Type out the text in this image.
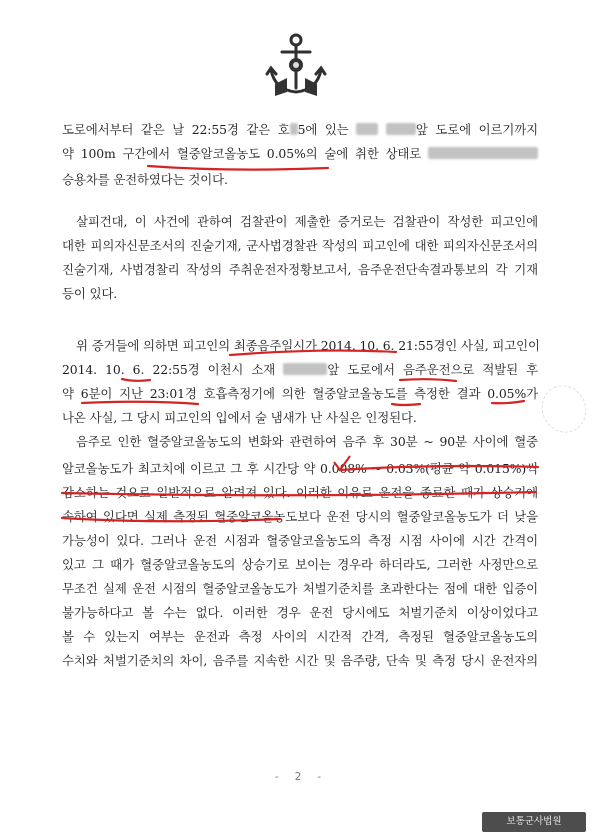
법	원
도로에서부터 같은 날 22:55경 같은 호 5에 있는	앞 도로에 이르기까지
약 100m 구간에서 혈중알코올농도 0.05%의 술에 취한 상태로
승용차를 운전하였다는 것이다.
살피건대, 이 사건에 관하여 검찰관이 제출한 증거로는 검찰관이 작성한 피고인에
대한 피의자신문조서의 진술기재, 군사법경찰관 작성의 피고인에 대한 피의자신문조서의
진술기재, 사법경찰리 작성의 주취운전자정황보고서, 음주운전단속결과통보의 각 기재
등이 있다.
위 증거들에 의하면 피고인의 최종음주일시가 2014. 10. 6. 21:55경인 사실, 피고인이
2014. 10. 6. 22:55경 이천시 소재	앞 도로에서 음주운전으로 적발된 후
약 6분이 지난 23:01경 호흡측정기에 의한 혈중알코올농도를 측정한 결과 0.05%가
나온 사실, 그 당시 피고인의 입에서 술 냄새가 난 사실은 인정된다.
음주로 인한 혈중알코올농도의 변화와 관련하여 음주 후 30분 ~ 90분 사이에 혈중
알코올농도가 최고치에 이르고 그 후 시간당 약 0.008% ~ 0.03%(평균 약 0.015%)씩
감소하는 것으로 일반적으로 알려져 있다. 이러한 이유로 운전을 종료한 때가 상승기에
속하여 있다면 실제 측정된 혈중알코올농도보다 운전 당시의 혈중알코올농도가 더 낮을
가능성이 있다. 그러나 운전 시점과 혈중알코올농도의 측정 시점 사이에 시간 간격이
있고 그 때가 혈중알코올농도의 상승기로 보이는 경우라 하더라도, 그러한 사정만으로
무조건 실제 운전 시점의 혈중알코올농도가 처벌기준치를 초과한다는 점에 대한 입증이
불가능하다고 볼 수는 없다. 이러한 경우 운전 당시에도 처벌기준치 이상이었다고
볼 수 있는지 여부는 운전과 측정 사이의 시간적 간격, 측정된 혈중알코올농도의
수치와 처벌기준치의 차이, 음주를 지속한 시간 및 음주량, 단속 및 측정 당시 운전자의
- 2 -
보통군사법원
